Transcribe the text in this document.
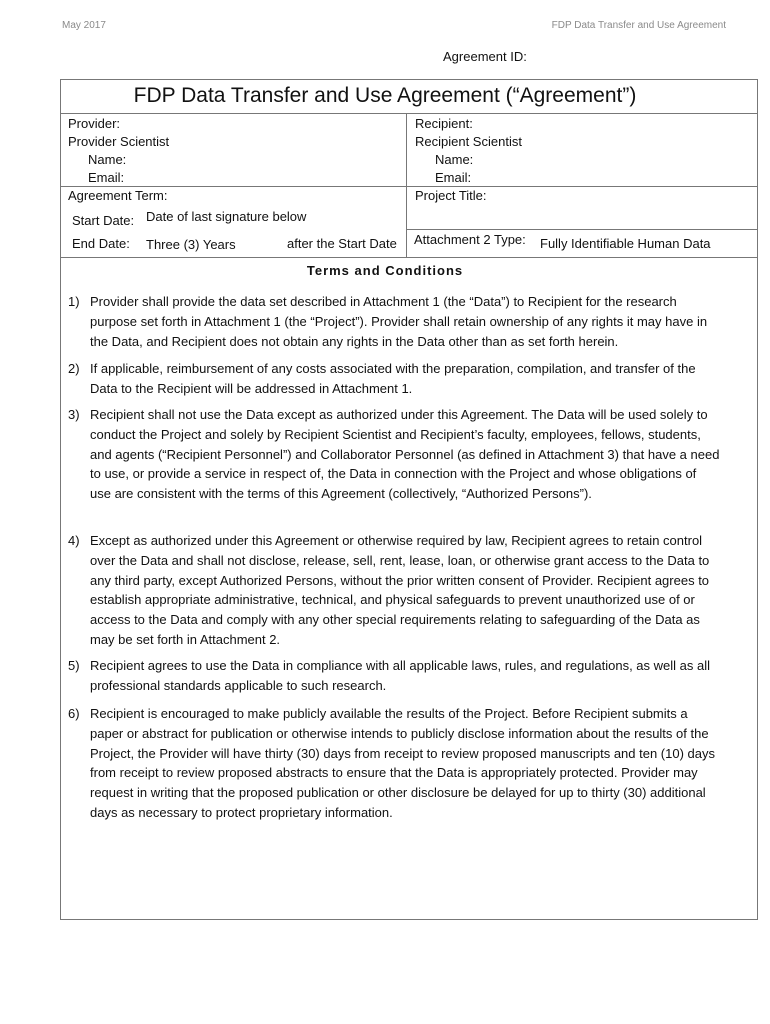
May 2017	FDP Data Transfer and Use Agreement
Agreement ID:
FDP Data Transfer and Use Agreement (“Agreement”)
Provider:
Provider Scientist
Name:
Email:
Recipient:
Recipient Scientist
Name:
Email:
Agreement Term:
Start Date: Date of last signature below
End Date: Three (3) Years	after the Start Date
Project Title:
Attachment 2 Type: Fully Identifiable Human Data
Terms and Conditions
1) Provider shall provide the data set described in Attachment 1 (the “Data”) to Recipient for the research purpose set forth in Attachment 1 (the “Project”). Provider shall retain ownership of any rights it may have in the Data, and Recipient does not obtain any rights in the Data other than as set forth herein.
2) If applicable, reimbursement of any costs associated with the preparation, compilation, and transfer of the Data to the Recipient will be addressed in Attachment 1.
3) Recipient shall not use the Data except as authorized under this Agreement. The Data will be used solely to conduct the Project and solely by Recipient Scientist and Recipient’s faculty, employees, fellows, students, and agents (“Recipient Personnel”) and Collaborator Personnel (as defined in Attachment 3) that have a need to use, or provide a service in respect of, the Data in connection with the Project and whose obligations of use are consistent with the terms of this Agreement (collectively, “Authorized Persons”).
4) Except as authorized under this Agreement or otherwise required by law, Recipient agrees to retain control over the Data and shall not disclose, release, sell, rent, lease, loan, or otherwise grant access to the Data to any third party, except Authorized Persons, without the prior written consent of Provider. Recipient agrees to establish appropriate administrative, technical, and physical safeguards to prevent unauthorized use of or access to the Data and comply with any other special requirements relating to safeguarding of the Data as may be set forth in Attachment 2.
5) Recipient agrees to use the Data in compliance with all applicable laws, rules, and regulations, as well as all professional standards applicable to such research.
6) Recipient is encouraged to make publicly available the results of the Project. Before Recipient submits a paper or abstract for publication or otherwise intends to publicly disclose information about the results of the Project, the Provider will have thirty (30) days from receipt to review proposed manuscripts and ten (10) days from receipt to review proposed abstracts to ensure that the Data is appropriately protected. Provider may request in writing that the proposed publication or other disclosure be delayed for up to thirty (30) additional days as necessary to protect proprietary information.
